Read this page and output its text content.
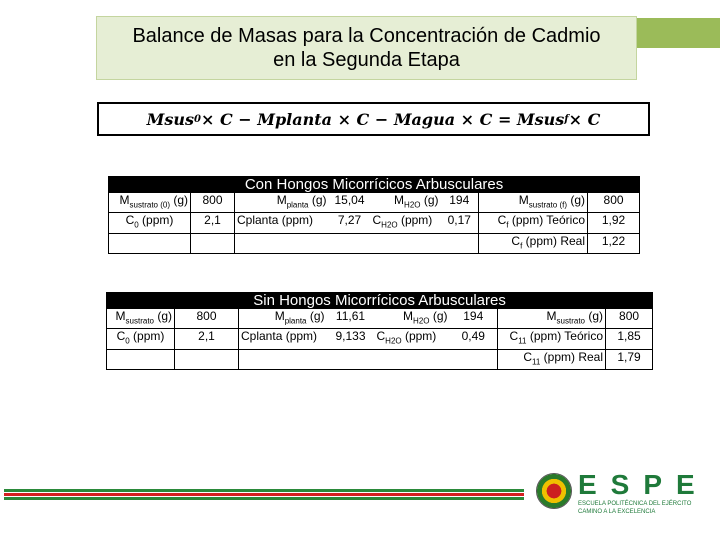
Balance de Masas para la Concentración de Cadmio
en la Segunda Etapa
Msus 0 × C − Mplanta × C − Magua × C = Msus f × C
Con Hongos Micorrícicos Arbusculares							
$M_{sustrato (0)}$ (g)	800	$M_{planta}$ (g)	15,04	$M_{H2O}$ (g)	194	$M_{sustrato (f)}$ (g)	800
$C_0$ (ppm)	2,1	Cplanta (ppm)	7,27	$C_{H2O}$ (ppm)	0,17	$C_f$ (ppm) Teórico	1,92
						$C_f$ (ppm) Real	1,22
Sin Hongos Micorrícicos Arbusculares							
$M_{sustrato}$ (g)	800	$M_{planta}$ (g)	11,61	$M_{H2O}$ (g)	194	$M_{sustrato}$ (g)	800
$C_0$ (ppm)	2,1	Cplanta (ppm)	9,133	$C_{H2O}$ (ppm)	0,49	$C_{11}$ (ppm) Teórico	1,85
						$C_{11}$ (ppm) Real	1,79
ESPE
ESCUELA POLITÉCNICA DEL EJÉRCITO
CAMINO A LA EXCELENCIA
